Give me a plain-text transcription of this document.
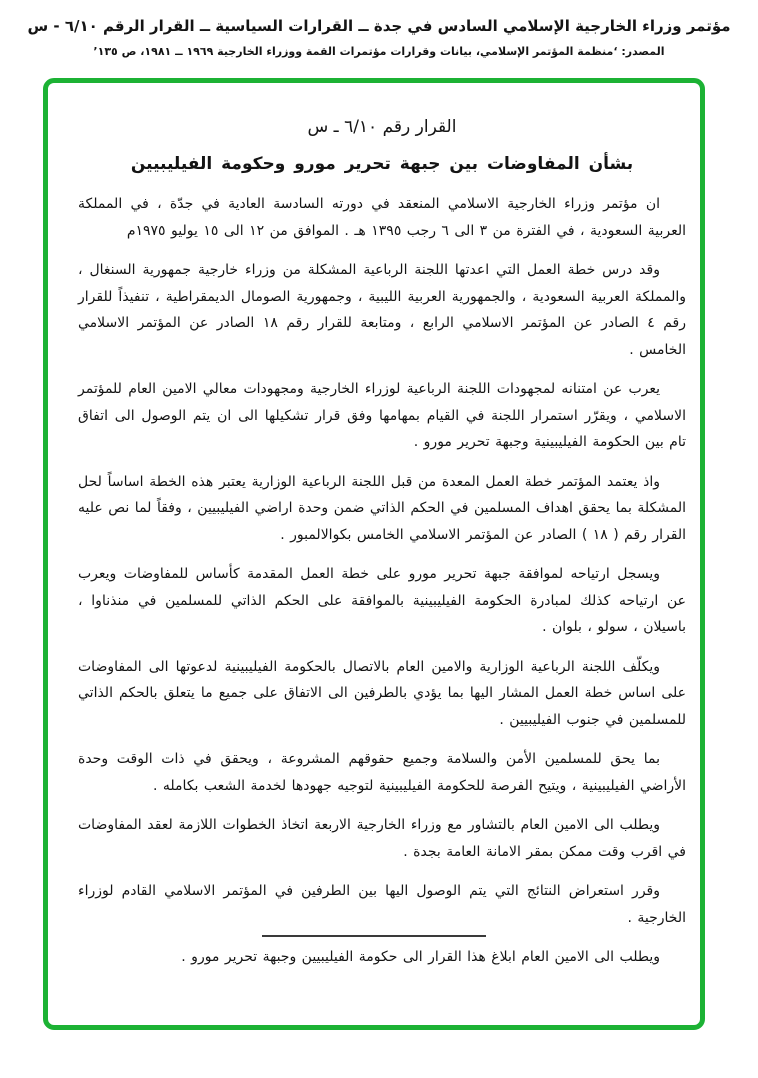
مؤتمر وزراء الخارجية الإسلامي السادس في جدة ــ القرارات السياسية ــ القرار الرقم ٦/١٠ - س
المصدر: ‘منظمة المؤتمر الإسلامي، بيانات وقرارات مؤتمرات القمة ووزراء الخارجية ١٩٦٩ ــ ١٩٨١، ص ١٣٥’
القرار رقم ٦/١٠ ـ س
بشأن المفاوضات بين جبهة تحرير مورو وحكومة الفيليبيين

ان مؤتمر وزراء الخارجية الاسلامي المنعقد في دورته السادسة العادية في جدّة ، في المملكة العربية السعودية ، في الفترة من ٣ الى ٦ رجب ١٣٩٥ هـ . الموافق من ١٢ الى ١٥ يوليو ١٩٧٥م

وقد درس خطة العمل التي اعدتها اللجنة الرباعية المشكلة من وزراء خارجية جمهورية السنغال ، والمملكة العربية السعودية ، والجمهورية العربية الليبية ، وجمهورية الصومال الديمقراطية ، تنفيذاً للقرار رقم ٤ الصادر عن المؤتمر الاسلامي الرابع ، ومتابعة للقرار رقم ١٨ الصادر عن المؤتمر الاسلامي الخامس .

يعرب عن امتنانه لمجهودات اللجنة الرباعية لوزراء الخارجية ومجهودات معالي الامين العام للمؤتمر الاسلامي ، ويقرّر استمرار اللجنة في القيام بمهامها وفق قرار تشكيلها الى ان يتم الوصول الى اتفاق تام بين الحكومة الفيليبينية وجبهة تحرير مورو .

واذ يعتمد المؤتمر خطة العمل المعدة من قبل اللجنة الرباعية الوزارية يعتبر هذه الخطة اساساً لحل المشكلة بما يحقق اهداف المسلمين في الحكم الذاتي ضمن وحدة اراضي الفيليبيين ، وفقاً لما نص عليه القرار رقم ( ١٨ ) الصادر عن المؤتمر الاسلامي الخامس بكوالالمبور .

ويسجل ارتياحه لموافقة جبهة تحرير مورو على خطة العمل المقدمة كأساس للمفاوضات ويعرب عن ارتياحه كذلك لمبادرة الحكومة الفيليبينية بالموافقة على الحكم الذاتي للمسلمين في منذناوا ، باسيلان ، سولو ، بلوان .

ويكلّف اللجنة الرباعية الوزارية والامين العام بالاتصال بالحكومة الفيليبينية لدعوتها الى المفاوضات على اساس خطة العمل المشار اليها بما يؤدي بالطرفين الى الاتفاق على جميع ما يتعلق بالحكم الذاتي للمسلمين في جنوب الفيليبيين .

بما يحق للمسلمين الأمن والسلامة وجميع حقوقهم المشروعة ، ويحقق في ذات الوقت وحدة الأراضي الفيليبينية ، ويتيح الفرصة للحكومة الفيليبينية لتوجيه جهودها لخدمة الشعب بكامله .

ويطلب الى الامين العام بالتشاور مع وزراء الخارجية الاربعة اتخاذ الخطوات اللازمة لعقد المفاوضات في اقرب وقت ممكن بمقر الامانة العامة بجدة .

وقرر استعراض النتائج التي يتم الوصول اليها بين الطرفين في المؤتمر الاسلامي القادم لوزراء الخارجية .

ويطلب الى الامين العام ابلاغ هذا القرار الى حكومة الفيليبيين وجبهة تحرير مورو .
